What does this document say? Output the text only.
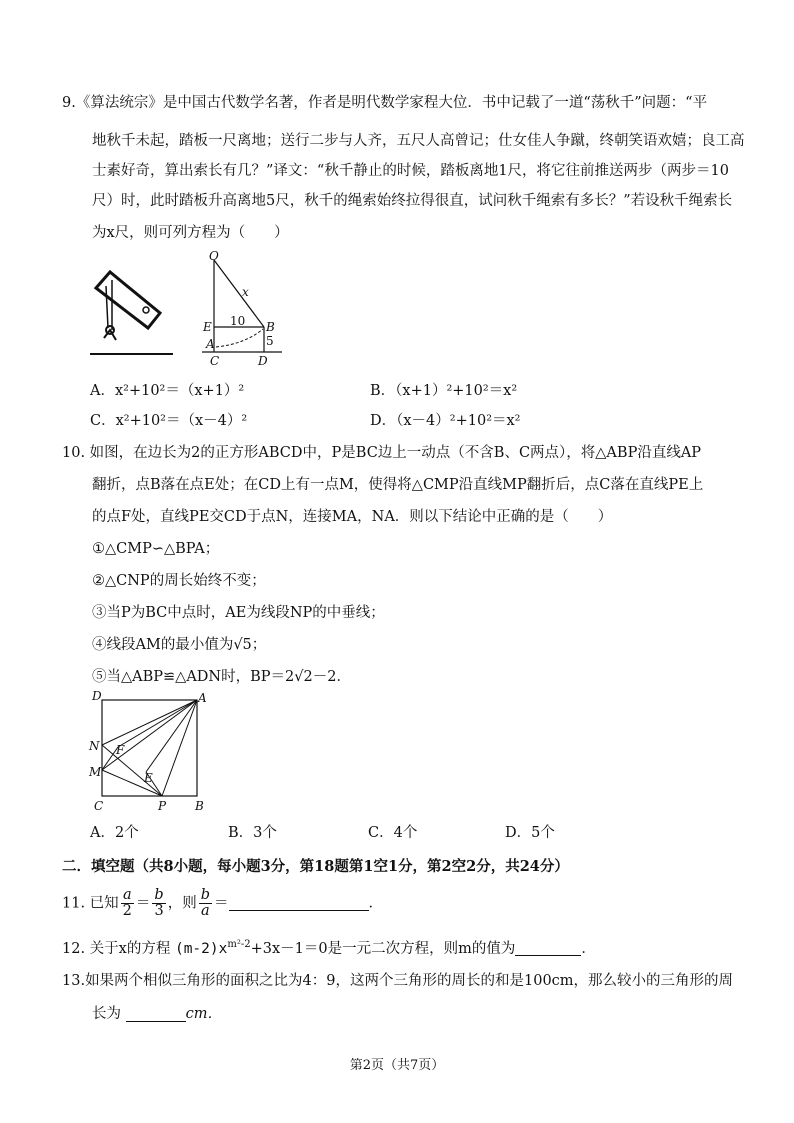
9.《算法统宗》是中国古代数学名著，作者是明代数学家程大位．书中记载了一道“荡秋千”问题：“平
地秋千未起，踏板一尺离地；送行二步与人齐，五尺人高曾记；仕女佳人争蹴，终朝笑语欢嬉；良工高
士素好奇，算出索长有几？”译文：“秋千静止的时候，踏板离地1尺，将它往前推送两步（两步＝10
尺）时，此时踏板升高离地5尺，秋千的绳索始终拉得很直，试问秋千绳索有多长？”若设秋千绳索长
为x尺，则可列方程为（　　）
O
x
E 10 B
A	5
C	D
A．x²+10²＝（x+1）²	B．（x+1）²+10²＝x²
C．x²+10²＝（x－4）²	D．（x－4）²+10²＝x²
10. 如图，在边长为2的正方形ABCD中，P是BC边上一动点（不含B、C两点），将△ABP沿直线AP
翻折，点B落在点E处；在CD上有一点M，使得将△CMP沿直线MP翻折后，点C落在直线PE上
的点F处，直线PE交CD于点N，连接MA，NA．则以下结论中正确的是（　　）
①△CMP∽△BPA；
②△CNP的周长始终不变；
③当P为BC中点时，AE为线段NP的中垂线；
④线段AM的最小值为√5；
⑤当△ABP≌△ADN时，BP＝2√2－2．
D	A
N F
M	E
C	P B
A．2个	B．3个	C．4个	D．5个
二．填空题（共8小题，每小题3分，第18题第1空1分，第2空2分，共24分）
11. 已知 $\frac{a}{2} = \frac{b}{3}$ ，则 $\frac{b}{a}$ ＝	．
12. 关于x的方程 $(m-2)x^{m^2-2}+3x-1=0$是一元二次方程，则m的值为	．
13.如果两个相似三角形的面积之比为4：9，这两个三角形的周长的和是100cm，那么较小的三角形的周
长为	cm．
第2页（共7页）
